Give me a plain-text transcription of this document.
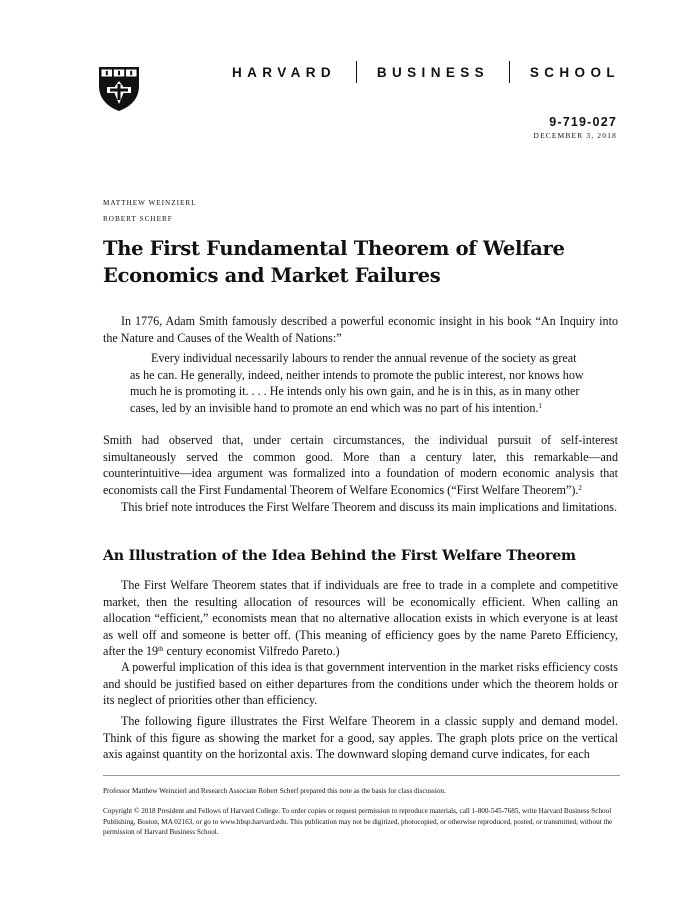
HARVARD	BUSINESS	SCHOOL
9-719-027
DECEMBER 3, 2018
MATTHEW WEINZIERL
ROBERT SCHERF
The First Fundamental Theorem of Welfare
Economics and Market Failures

In 1776, Adam Smith famously described a powerful economic insight in his book “An Inquiry into the Nature and Causes of the Wealth of Nations:”

Every individual necessarily labours to render the annual revenue of the society as great as he can. He generally, indeed, neither intends to promote the public interest, nor knows how much he is promoting it. . . . He intends only his own gain, and he is in this, as in many other cases, led by an invisible hand to promote an end which was no part of his intention.$^1$

Smith had observed that, under certain circumstances, the individual pursuit of self-interest simultaneously served the common good. More than a century later, this remarkable—and counterintuitive—idea argument was formalized into a foundation of modern economic analysis that economists call the First Fundamental Theorem of Welfare Economics (“First Welfare Theorem”).$^2$

This brief note introduces the First Welfare Theorem and discuss its main implications and limitations.

An Illustration of the Idea Behind the First Welfare Theorem

The First Welfare Theorem states that if individuals are free to trade in a complete and competitive market, then the resulting allocation of resources will be economically efficient. When calling an allocation “efficient,” economists mean that no alternative allocation exists in which everyone is at least as well off and someone is better off. (This meaning of efficiency goes by the name Pareto Efficiency, after the 19th century economist Vilfredo Pareto.)

A powerful implication of this idea is that government intervention in the market risks efficiency costs and should be justified based on either departures from the conditions under which the theorem holds or its neglect of priorities other than efficiency.

The following figure illustrates the First Welfare Theorem in a classic supply and demand model. Think of this figure as showing the market for a good, say apples. The graph plots price on the vertical axis against quantity on the horizontal axis. The downward sloping demand curve indicates, for each

Professor Matthew Weinzierl and Research Associate Robert Scherf prepared this note as the basis for class discussion.

Copyright © 2018 President and Fellows of Harvard College. To order copies or request permission to reproduce materials, call 1-800-545-7685, write Harvard Business School Publishing, Boston, MA 02163, or go to www.hbsp.harvard.edu. This publication may not be digitized, photocopied, or otherwise reproduced, posted, or transmitted, without the permission of Harvard Business School.
